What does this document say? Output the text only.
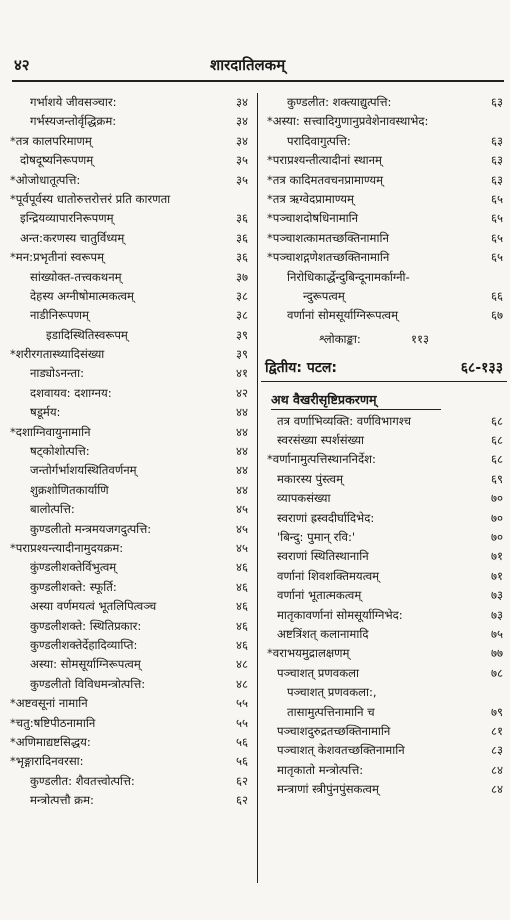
४२	शारदातिलकम्
गर्भाशये जीवसञ्चार:	३४
गर्भस्यजन्तोर्वृद्धिक्रम:	३४
*तत्र कालपरिमाणम्	३४
दोषदूष्यनिरूपणम्	३५
*ओजोधातूत्पत्ति:	३५
*पूर्वपूर्वस्य धातोरुत्तरोत्तरं प्रति कारणता
इन्द्रियव्यापारनिरूपणम्	३६
अन्त:करणस्य चातुर्विध्यम्	३६
*मन:प्रभृतीनां स्वरूपम्	३६
सांख्योक्त-तत्त्वकथनम्	३७
देहस्य अग्नीषोमात्मकत्वम्	३८
नाडीनिरूपणम्	३८
इडादिस्थितिस्वरूपम्	३९
*शरीरगतास्थ्यादिसंख्या	३९
नाड्योऽनन्ता:	४१
दशवायव: दशाग्नय:	४२
षडूर्मय:	४४
*दशाग्निवायुनामानि	४४
षट्कोशोत्पत्ति:	४४
जन्तोर्गर्भाशयस्थितिवर्णनम्	४४
शुक्रशोणितकार्याणि	४४
बालोत्पत्ति:	४५
कुण्डलीतो मन्त्रमयजगदुत्पत्ति:	४५
*पराप्रश्यन्त्यादीनामुदयक्रम:	४५
कुंण्डलीशक्तेर्विभुत्वम्	४६
कुण्डलीशक्ते: स्फूर्ति:	४६
अस्या वर्णमयत्वं भूतलिपित्वञ्च	४६
कुण्डलीशक्ते: स्थितिप्रकार:	४६
कुण्डलीशक्तेर्देहादिव्याप्ति:	४६
अस्या: सोमसूर्याग्निरूपत्वम्	४८
कुण्डलीतो विविधमन्त्रोत्पत्ति:	४८
*अष्टवसूनां नामानि	५५
*चतु:षष्टिपीठनामानि	५५
*अणिमाद्यष्टसिद्धय:	५६
*भृङ्गारादिनवरसा:	५६
कुण्डलीत: शैवतत्त्वोत्पत्ति:	६२
मन्त्रोत्पत्तौ क्रम:	६२
कुण्डलीत: शक्त्याद्युत्पत्ति:	६३
*अस्या: सत्त्वादिगुणानुप्रवेशेनावस्थाभेद:
परादिवागुत्पत्ति:	६३
*पराप्रश्यन्तीत्यादीनां स्थानम्	६३
*तत्र कादिमतवचनप्रामाण्यम्	६३
*तत्र ऋग्वेदप्रामाण्यम्	६५
*पञ्चाशदोषधिनामानि	६५
*पञ्चाशत्कामतच्छक्तिनामानि	६५
*पञ्चाशद्गणेशतच्छक्तिनामानि	६५
निरोधिकार्द्धेन्दुबिन्दूनामर्काग्नी-
न्दुरूपत्वम्	६६
वर्णानां सोमसूर्याग्निरूपत्वम्	६७
श्लोकाङ्का:	११३
द्वितीय: पटल:	६८-१३३
अथ वैखरीसृष्टिप्रकरणम्
तत्र वर्णाभिव्यक्ति: वर्णविभागश्च	६८
स्वरसंख्या स्पर्शसंख्या	६८
*वर्णानामुत्पत्तिस्थाननिर्देश:	६८
मकारस्य पुंस्त्वम्	६९
व्यापकसंख्या	७०
स्वराणां ह्रस्वदीर्घादिभेद:	७०
'बिन्दु: पुमान् रवि:'	७०
स्वराणां स्थितिस्थानानि	७१
वर्णानां शिवशक्तिमयत्वम्	७१
वर्णानां भूतात्मकत्वम्	७३
मातृकावर्णानां सोमसूर्याग्निभेद:	७३
अष्टत्रिंशत् कलानामादि	७५
*वराभयमुद्रालक्षणम्	७७
पञ्चाशत् प्रणवकला	७८
पञ्चाशत् प्रणवकला:,
तासामुत्पत्तिनामानि च	७९
पञ्चाशदुरुद्रतच्छक्तिनामानि	८१
पञ्चाशत् केशवतच्छक्तिनामानि	८३
मातृकातो मन्त्रोत्पत्ति:	८४
मन्त्राणां स्त्रीपुंनपुंसकत्वम्	८४
